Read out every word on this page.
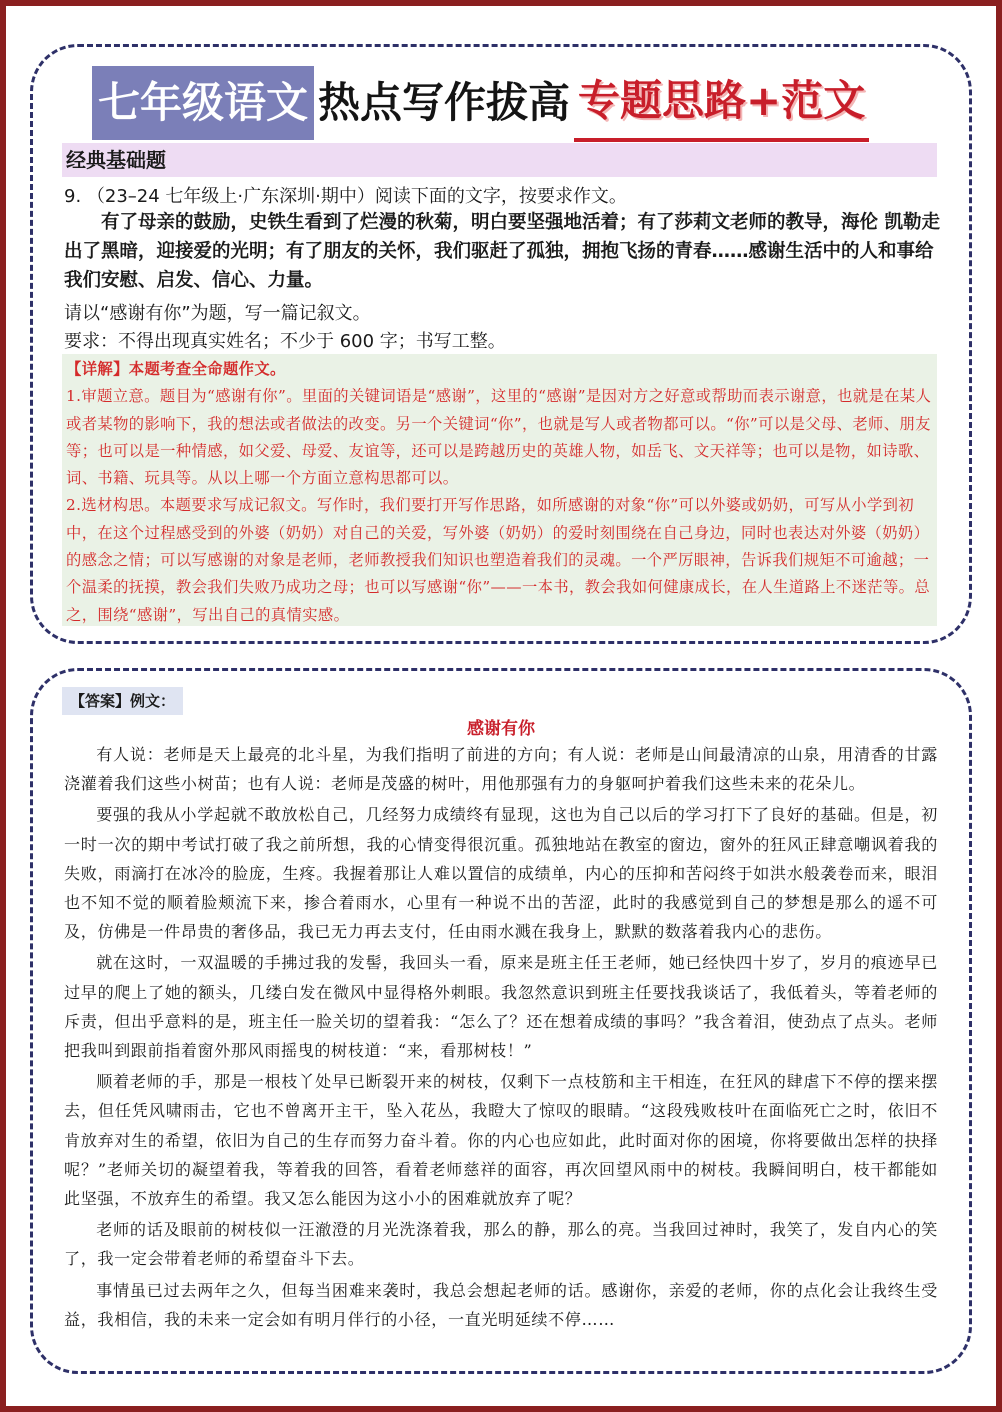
七年级语文 热点写作拔高 专题思路+范文
经典基础题
9. （23–24 七年级上·广东深圳·期中）阅读下面的文字，按要求作文。
有了母亲的鼓励，史铁生看到了烂漫的秋菊，明白要坚强地活着；有了莎莉文老师的教导，海伦 凯勒走出了黑暗，迎接爱的光明；有了朋友的关怀，我们驱赶了孤独，拥抱飞扬的青春……感谢生活中的人和事给我们安慰、启发、信心、力量。
请以“感谢有你”为题，写一篇记叙文。
要求：不得出现真实姓名；不少于 600 字；书写工整。
【详解】本题考查全命题作文。
1.审题立意。题目为“感谢有你”。里面的关键词语是“感谢”，这里的“感谢”是因对方之好意或帮助而表示谢意，也就是在某人或者某物的影响下，我的想法或者做法的改变。另一个关键词“你”，也就是写人或者物都可以。“你”可以是父母、老师、朋友等；也可以是一种情感，如父爱、母爱、友谊等，还可以是跨越历史的英雄人物，如岳飞、文天祥等；也可以是物，如诗歌、词、书籍、玩具等。从以上哪一个方面立意构思都可以。
2.选材构思。本题要求写成记叙文。写作时，我们要打开写作思路，如所感谢的对象“你”可以外婆或奶奶，可写从小学到初中，在这个过程感受到的外婆（奶奶）对自己的关爱，写外婆（奶奶）的爱时刻围绕在自己身边，同时也表达对外婆（奶奶）的感念之情；可以写感谢的对象是老师，老师教授我们知识也塑造着我们的灵魂。一个严厉眼神，告诉我们规矩不可逾越；一个温柔的抚摸，教会我们失败乃成功之母；也可以写感谢“你”——一本书，教会我如何健康成长，在人生道路上不迷茫等。总之，围绕“感谢”，写出自己的真情实感。
【答案】例文：
感谢有你

有人说：老师是天上最亮的北斗星，为我们指明了前进的方向；有人说：老师是山间最清凉的山泉，用清香的甘露浇灌着我们这些小树苗；也有人说：老师是茂盛的树叶，用他那强有力的身躯呵护着我们这些未来的花朵儿。

要强的我从小学起就不敢放松自己，几经努力成绩终有显现，这也为自己以后的学习打下了良好的基础。但是，初一时一次的期中考试打破了我之前所想，我的心情变得很沉重。孤独地站在教室的窗边，窗外的狂风正肆意嘲讽着我的失败，雨滴打在冰冷的脸庞，生疼。我握着那让人难以置信的成绩单，内心的压抑和苦闷终于如洪水般袭卷而来，眼泪也不知不觉的顺着脸颊流下来，掺合着雨水，心里有一种说不出的苦涩，此时的我感觉到自己的梦想是那么的遥不可及，仿佛是一件昂贵的奢侈品，我已无力再去支付，任由雨水溅在我身上，默默的数落着我内心的悲伤。

就在这时，一双温暖的手拂过我的发髻，我回头一看，原来是班主任王老师，她已经快四十岁了，岁月的痕迹早已过早的爬上了她的额头，几缕白发在微风中显得格外刺眼。我忽然意识到班主任要找我谈话了，我低着头，等着老师的斥责，但出乎意料的是，班主任一脸关切的望着我：“怎么了？还在想着成绩的事吗？”我含着泪，使劲点了点头。老师把我叫到跟前指着窗外那风雨摇曳的树枝道：“来，看那树枝！”

顺着老师的手，那是一根枝丫处早已断裂开来的树枝，仅剩下一点枝筋和主干相连，在狂风的肆虐下不停的摆来摆去，但任凭风啸雨击，它也不曾离开主干，坠入花丛，我瞪大了惊叹的眼睛。“这段残败枝叶在面临死亡之时，依旧不肯放弃对生的希望，依旧为自己的生存而努力奋斗着。你的内心也应如此，此时面对你的困境，你将要做出怎样的抉择呢？”老师关切的凝望着我，等着我的回答，看着老师慈祥的面容，再次回望风雨中的树枝。我瞬间明白，枝干都能如此坚强，不放弃生的希望。我又怎么能因为这小小的困难就放弃了呢？

老师的话及眼前的树枝似一汪澈澄的月光洗涤着我，那么的静，那么的亮。当我回过神时，我笑了，发自内心的笑了，我一定会带着老师的希望奋斗下去。

事情虽已过去两年之久，但每当困难来袭时，我总会想起老师的话。感谢你，亲爱的老师，你的点化会让我终生受益，我相信，我的未来一定会如有明月伴行的小径，一直光明延续不停……
